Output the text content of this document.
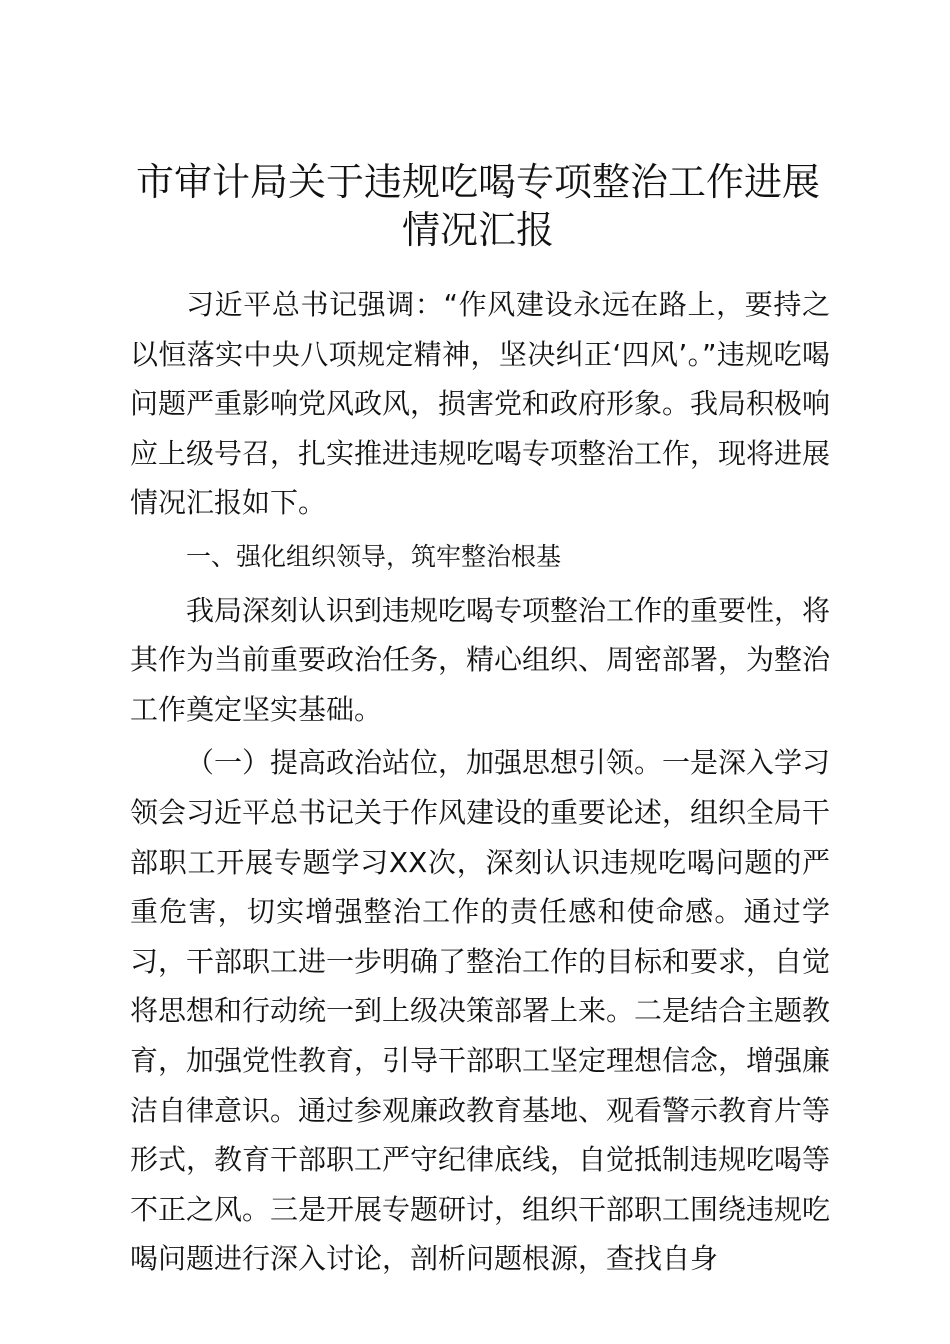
市审计局关于违规吃喝专项整治工作进展情况汇报

习近平总书记强调：“作风建设永远在路上，要持之以恒落实中央八项规定精神，坚决纠正‘四风’。”违规吃喝问题严重影响党风政风，损害党和政府形象。我局积极响应上级号召，扎实推进违规吃喝专项整治工作，现将进展情况汇报如下。

一、强化组织领导，筑牢整治根基

我局深刻认识到违规吃喝专项整治工作的重要性，将其作为当前重要政治任务，精心组织、周密部署，为整治工作奠定坚实基础。

（一）提高政治站位，加强思想引领。一是深入学习领会习近平总书记关于作风建设的重要论述，组织全局干部职工开展专题学习XX次，深刻认识违规吃喝问题的严重危害，切实增强整治工作的责任感和使命感。通过学习，干部职工进一步明确了整治工作的目标和要求，自觉将思想和行动统一到上级决策部署上来。二是结合主题教育，加强党性教育，引导干部职工坚定理想信念，增强廉洁自律意识。通过参观廉政教育基地、观看警示教育片等形式，教育干部职工严守纪律底线，自觉抵制违规吃喝等不正之风。三是开展专题研讨，组织干部职工围绕违规吃喝问题进行深入讨论，剖析问题根源，查找自身
